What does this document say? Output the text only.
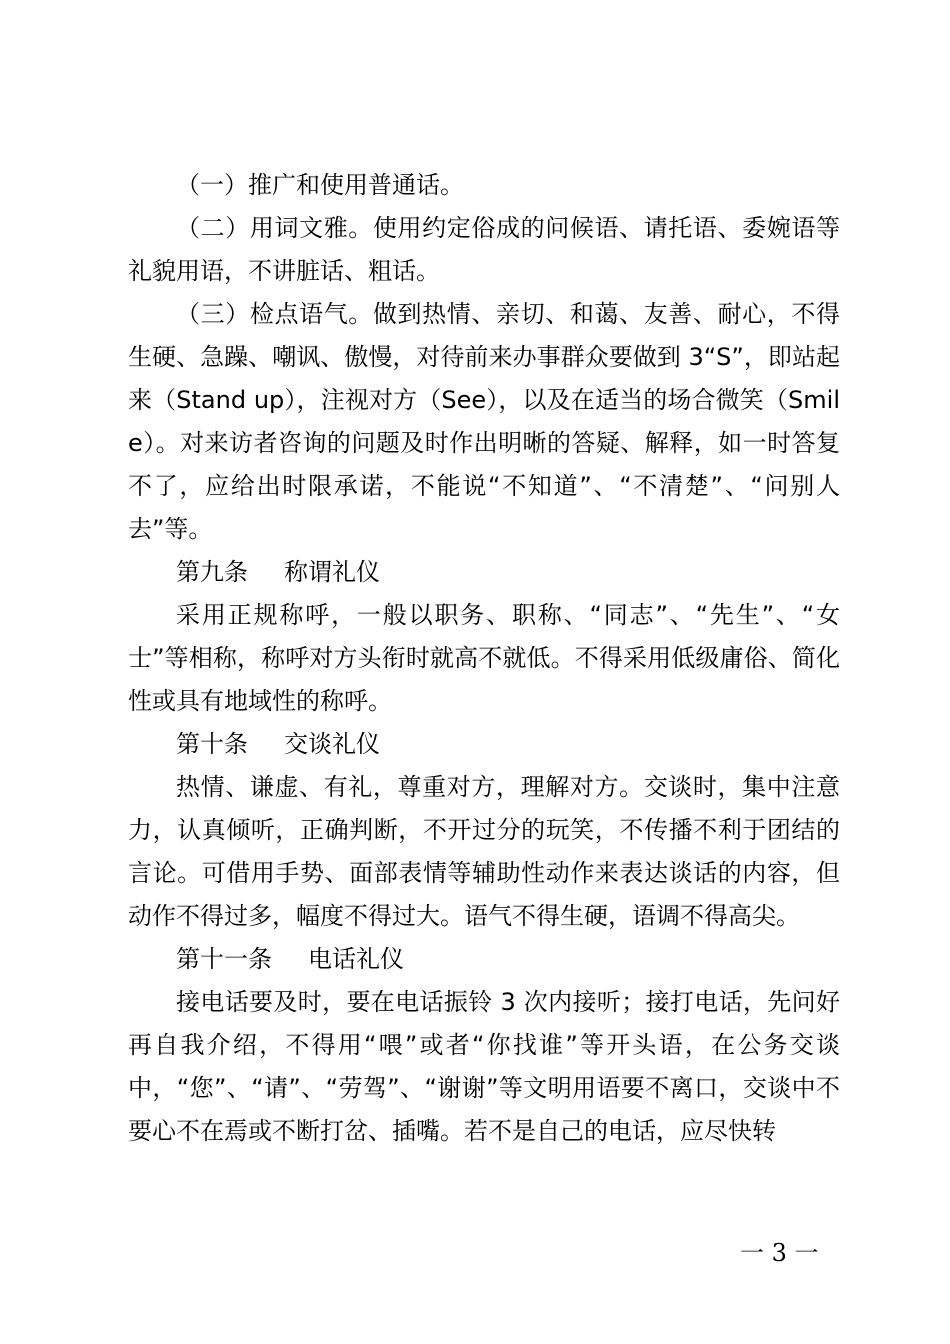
（一）推广和使用普通话。

（二）用词文雅。使用约定俗成的问候语、请托语、委婉语等礼貌用语，不讲脏话、粗话。

（三）检点语气。做到热情、亲切、和蔼、友善、耐心，不得生硬、急躁、嘲讽、傲慢，对待前来办事群众要做到 3“S”，即站起来（Stand up），注视对方（See），以及在适当的场合微笑（Smile）。对来访者咨询的问题及时作出明晰的答疑、解释，如一时答复不了，应给出时限承诺，不能说“不知道”、“不清楚”、“问别人去”等。

第九条 称谓礼仪

采用正规称呼，一般以职务、职称、“同志”、“先生”、“女士”等相称，称呼对方头衔时就高不就低。不得采用低级庸俗、简化性或具有地域性的称呼。

第十条 交谈礼仪

热情、谦虚、有礼，尊重对方，理解对方。交谈时，集中注意力，认真倾听，正确判断，不开过分的玩笑，不传播不利于团结的言论。可借用手势、面部表情等辅助性动作来表达谈话的内容，但动作不得过多，幅度不得过大。语气不得生硬，语调不得高尖。

第十一条 电话礼仪

接电话要及时，要在电话振铃 3 次内接听；接打电话，先问好再自我介绍，不得用“喂”或者“你找谁”等开头语，在公务交谈中，“您”、“请”、“劳驾”、“谢谢”等文明用语要不离口，交谈中不要心不在焉或不断打岔、插嘴。若不是自己的电话，应尽快转

一 3 一
